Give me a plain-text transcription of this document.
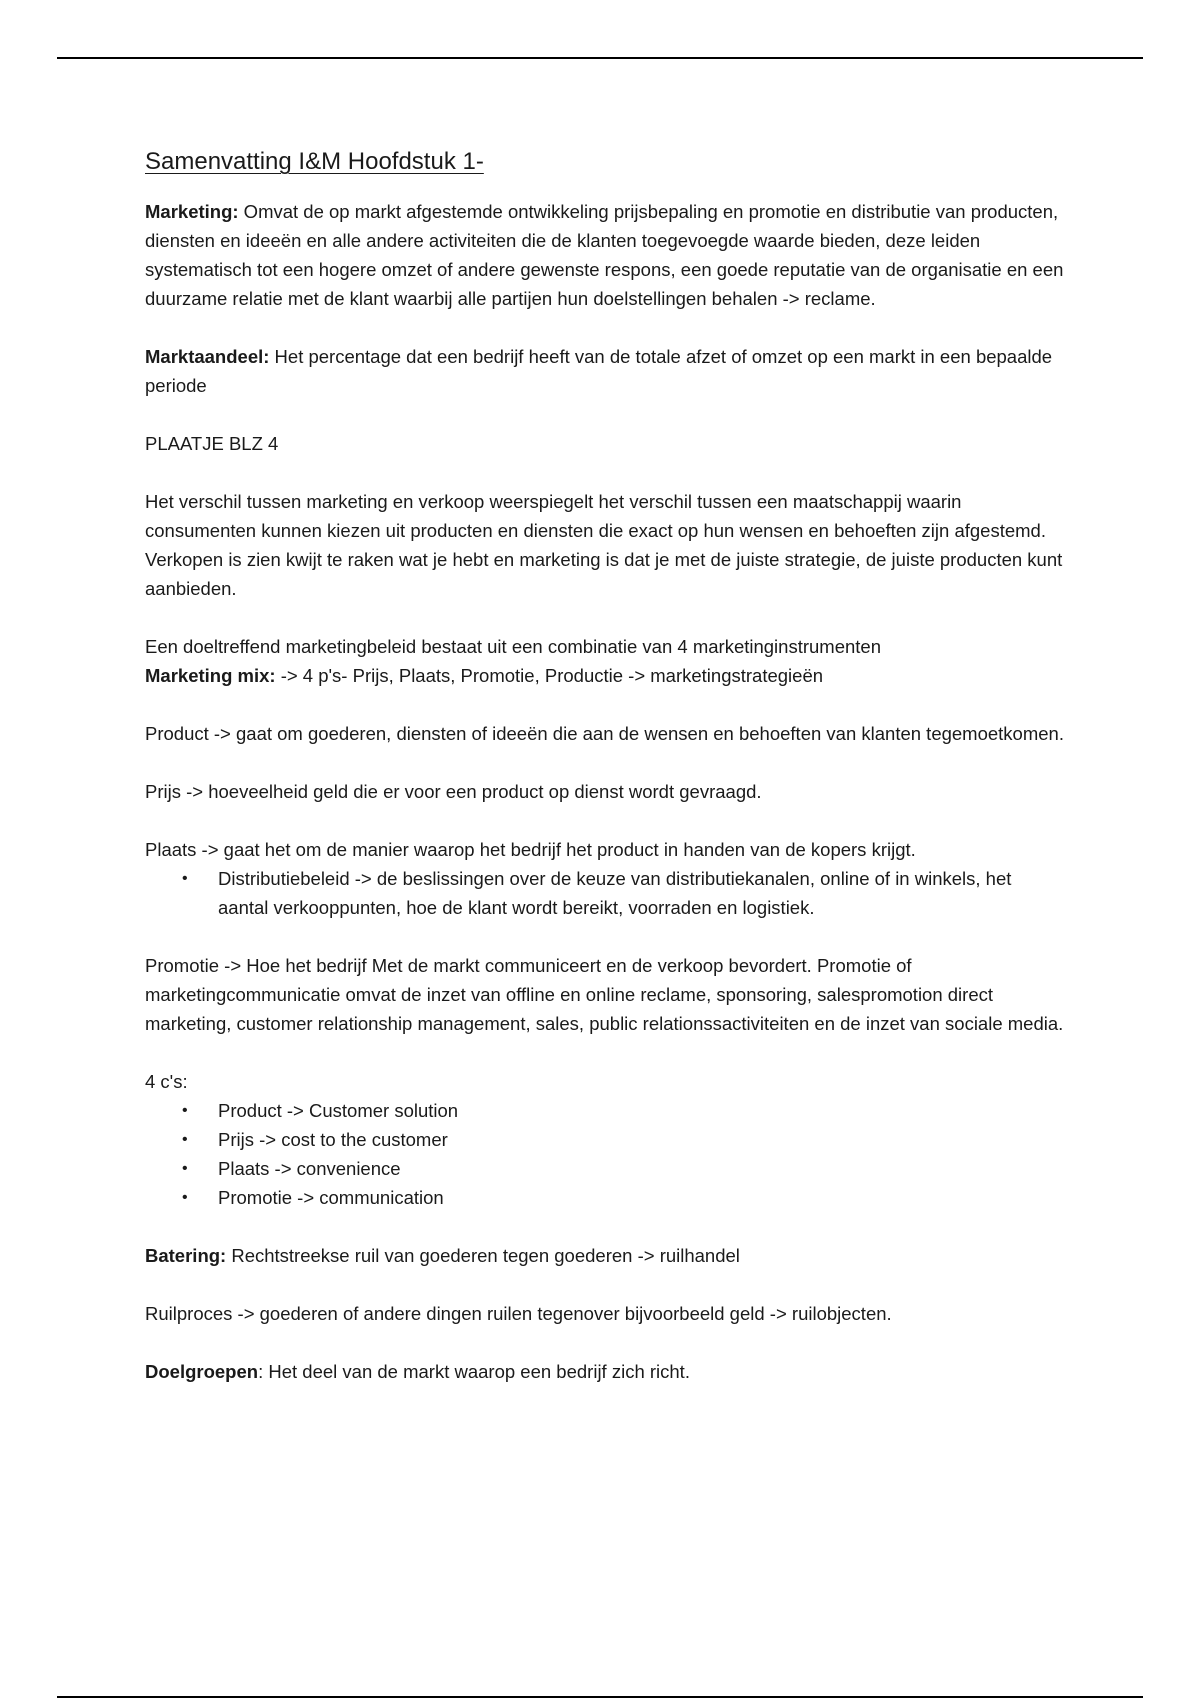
Samenvatting I&M Hoofdstuk 1-

Marketing: Omvat de op markt afgestemde ontwikkeling prijsbepaling en promotie en distributie van producten, diensten en ideeën en alle andere activiteiten die de klanten toegevoegde waarde bieden, deze leiden systematisch tot een hogere omzet of andere gewenste respons, een goede reputatie van de organisatie en een duurzame relatie met de klant waarbij alle partijen hun doelstellingen behalen -> reclame.

Marktaandeel: Het percentage dat een bedrijf heeft van de totale afzet of omzet op een markt in een bepaalde periode

PLAATJE BLZ 4

Het verschil tussen marketing en verkoop weerspiegelt het verschil tussen een maatschappij waarin consumenten kunnen kiezen uit producten en diensten die exact op hun wensen en behoeften zijn afgestemd. Verkopen is zien kwijt te raken wat je hebt en marketing is dat je met de juiste strategie, de juiste producten kunt aanbieden.

Een doeltreffend marketingbeleid bestaat uit een combinatie van 4 marketinginstrumenten

Marketing mix: -> 4 p's- Prijs, Plaats, Promotie, Productie -> marketingstrategieën

Product -> gaat om goederen, diensten of ideeën die aan de wensen en behoeften van klanten tegemoetkomen.

Prijs -> hoeveelheid geld die er voor een product op dienst wordt gevraagd.

Plaats -> gaat het om de manier waarop het bedrijf het product in handen van de kopers krijgt.

• Distributiebeleid -> de beslissingen over de keuze van distributiekanalen, online of in winkels, het aantal verkooppunten, hoe de klant wordt bereikt, voorraden en logistiek.

Promotie -> Hoe het bedrijf Met de markt communiceert en de verkoop bevordert. Promotie of marketingcommunicatie omvat de inzet van offline en online reclame, sponsoring, salespromotion direct marketing, customer relationship management, sales, public relationssactiviteiten en de inzet van sociale media.

4 c's:

• Product -> Customer solution
• Prijs -> cost to the customer
• Plaats -> convenience
• Promotie -> communication

Batering: Rechtstreekse ruil van goederen tegen goederen -> ruilhandel

Ruilproces -> goederen of andere dingen ruilen tegenover bijvoorbeeld geld -> ruilobjecten.

Doelgroepen: Het deel van de markt waarop een bedrijf zich richt.
